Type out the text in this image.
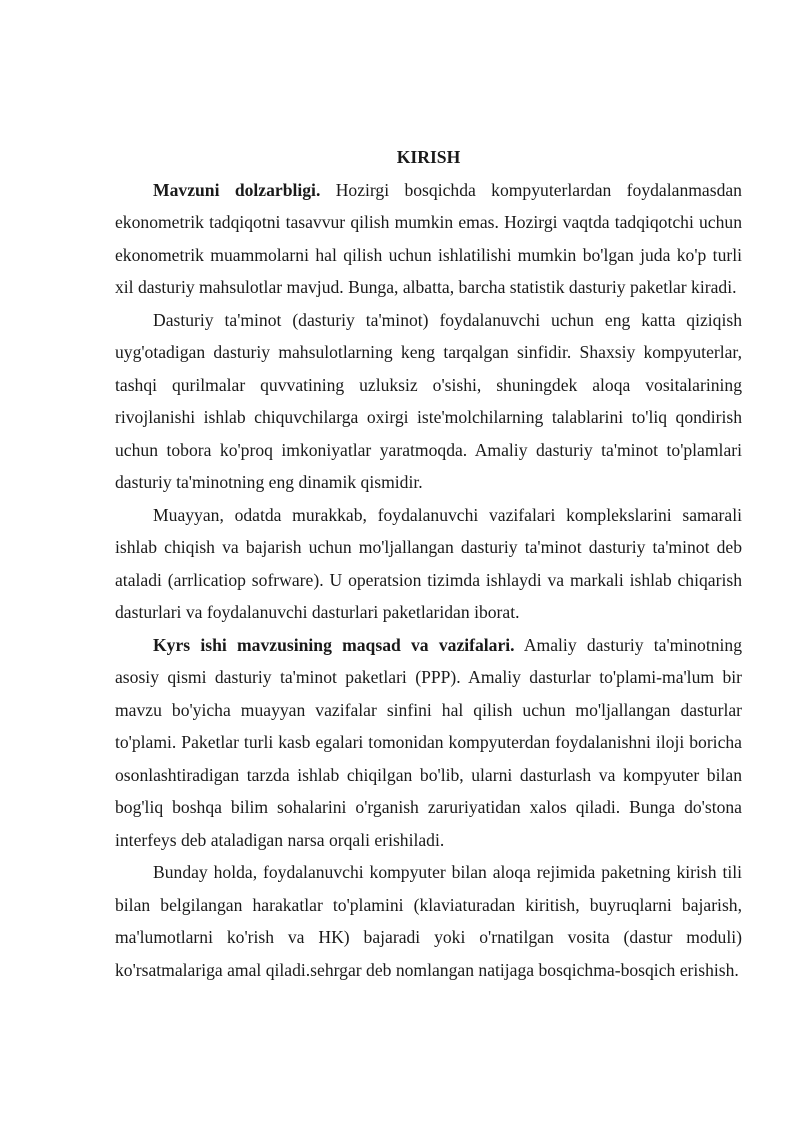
KIRISH

Mavzuni dolzarbligi. Hozirgi bosqichda kompyuterlardan foydalanmasdan ekonometrik tadqiqotni tasavvur qilish mumkin emas. Hozirgi vaqtda tadqiqotchi uchun ekonometrik muammolarni hal qilish uchun ishlatilishi mumkin bo'lgan juda ko'p turli xil dasturiy mahsulotlar mavjud. Bunga, albatta, barcha statistik dasturiy paketlar kiradi.

Dasturiy ta'minot (dasturiy ta'minot) foydalanuvchi uchun eng katta qiziqish uyg'otadigan dasturiy mahsulotlarning keng tarqalgan sinfidir. Shaxsiy kompyuterlar, tashqi qurilmalar quvvatining uzluksiz o'sishi, shuningdek aloqa vositalarining rivojlanishi ishlab chiquvchilarga oxirgi iste'molchilarning talablarini to'liq qondirish uchun tobora ko'proq imkoniyatlar yaratmoqda. Amaliy dasturiy ta'minot to'plamlari dasturiy ta'minotning eng dinamik qismidir.

Muayyan, odatda murakkab, foydalanuvchi vazifalari komplekslarini samarali ishlab chiqish va bajarish uchun mo'ljallangan dasturiy ta'minot dasturiy ta'minot deb ataladi (arrlicatiop sofrware). U operatsion tizimda ishlaydi va markali ishlab chiqarish dasturlari va foydalanuvchi dasturlari paketlaridan iborat.

Kyrs ishi mavzusining maqsad va vazifalari. Amaliy dasturiy ta'minotning asosiy qismi dasturiy ta'minot paketlari (PPP). Amaliy dasturlar to'plami-ma'lum bir mavzu bo'yicha muayyan vazifalar sinfini hal qilish uchun mo'ljallangan dasturlar to'plami. Paketlar turli kasb egalari tomonidan kompyuterdan foydalanishni iloji boricha osonlashtiradigan tarzda ishlab chiqilgan bo'lib, ularni dasturlash va kompyuter bilan bog'liq boshqa bilim sohalarini o'rganish zaruriyatidan xalos qiladi. Bunga do'stona interfeys deb ataladigan narsa orqali erishiladi.

Bunday holda, foydalanuvchi kompyuter bilan aloqa rejimida paketning kirish tili bilan belgilangan harakatlar to'plamini (klaviaturadan kiritish, buyruqlarni bajarish, ma'lumotlarni ko'rish va HK) bajaradi yoki o'rnatilgan vosita (dastur moduli) ko'rsatmalariga amal qiladi.sehrgar deb nomlangan natijaga bosqichma-bosqich erishish.
